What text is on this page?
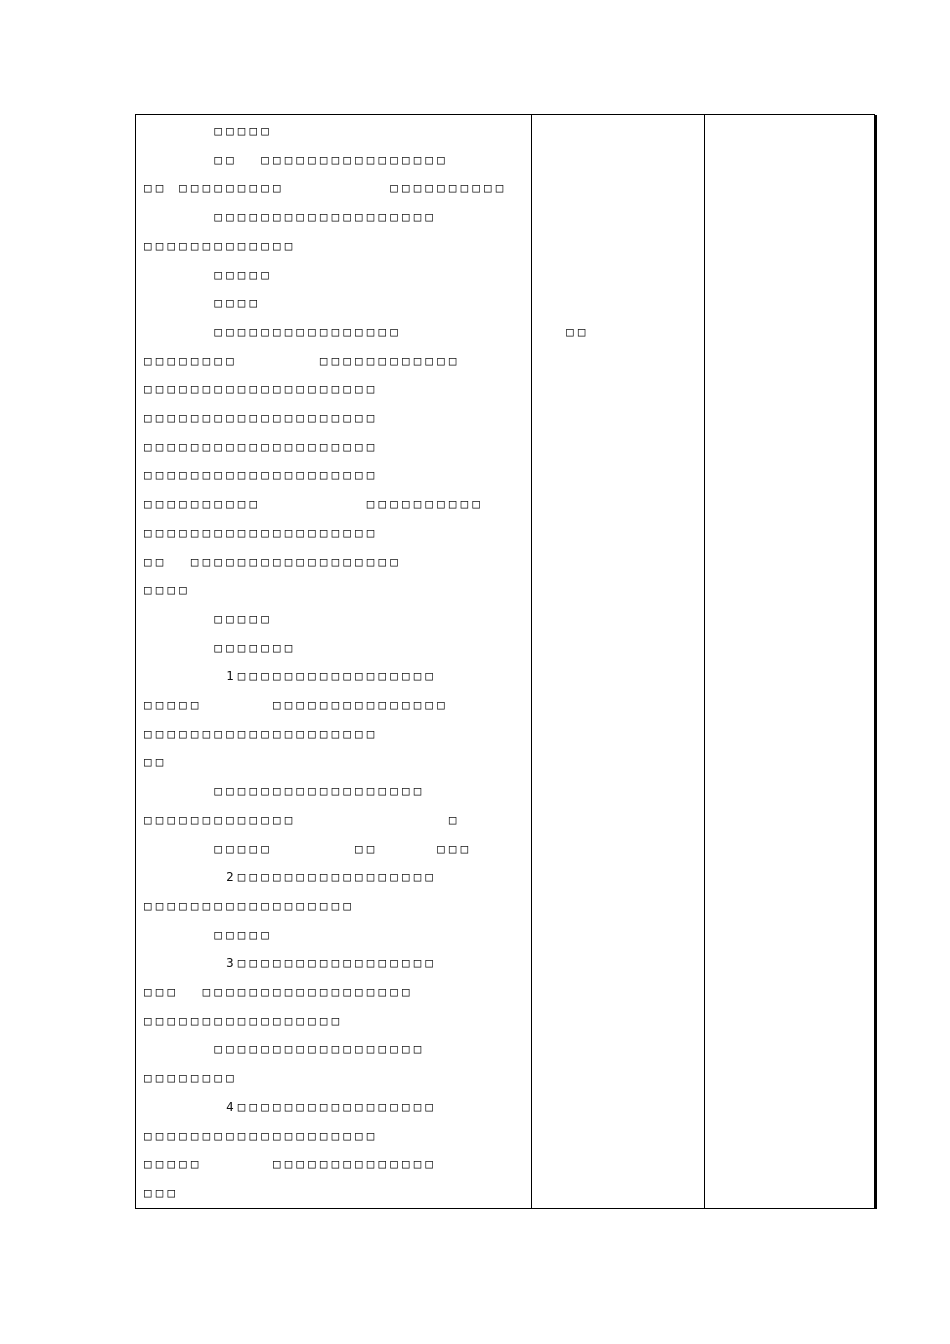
□□□□□
□□  □□□□□□□□□□□□□□□□
□□ □□□□□□□□□         □□□□□□□□□□
□□□□□□□□□□□□□□□□□□□
□□□□□□□□□□□□□
□□□□□
□□□□
□□□□□□□□□□□□□□□□              □□
□□□□□□□□       □□□□□□□□□□□□
□□□□□□□□□□□□□□□□□□□□
□□□□□□□□□□□□□□□□□□□□
□□□□□□□□□□□□□□□□□□□□
□□□□□□□□□□□□□□□□□□□□
□□□□□□□□□□         □□□□□□□□□□
□□□□□□□□□□□□□□□□□□□□
□□  □□□□□□□□□□□□□□□□□□
□□□□
□□□□□
□□□□□□□
1□□□□□□□□□□□□□□□□□
□□□□□      □□□□□□□□□□□□□□□
□□□□□□□□□□□□□□□□□□□□
□□
□□□□□□□□□□□□□□□□□□
□□□□□□□□□□□□□             □
□□□□□       □□     □□□
2□□□□□□□□□□□□□□□□□
□□□□□□□□□□□□□□□□□□
□□□□□
3□□□□□□□□□□□□□□□□□
□□□  □□□□□□□□□□□□□□□□□□
□□□□□□□□□□□□□□□□□
□□□□□□□□□□□□□□□□□□
□□□□□□□□
4□□□□□□□□□□□□□□□□□
□□□□□□□□□□□□□□□□□□□□
□□□□□      □□□□□□□□□□□□□□
□□□
